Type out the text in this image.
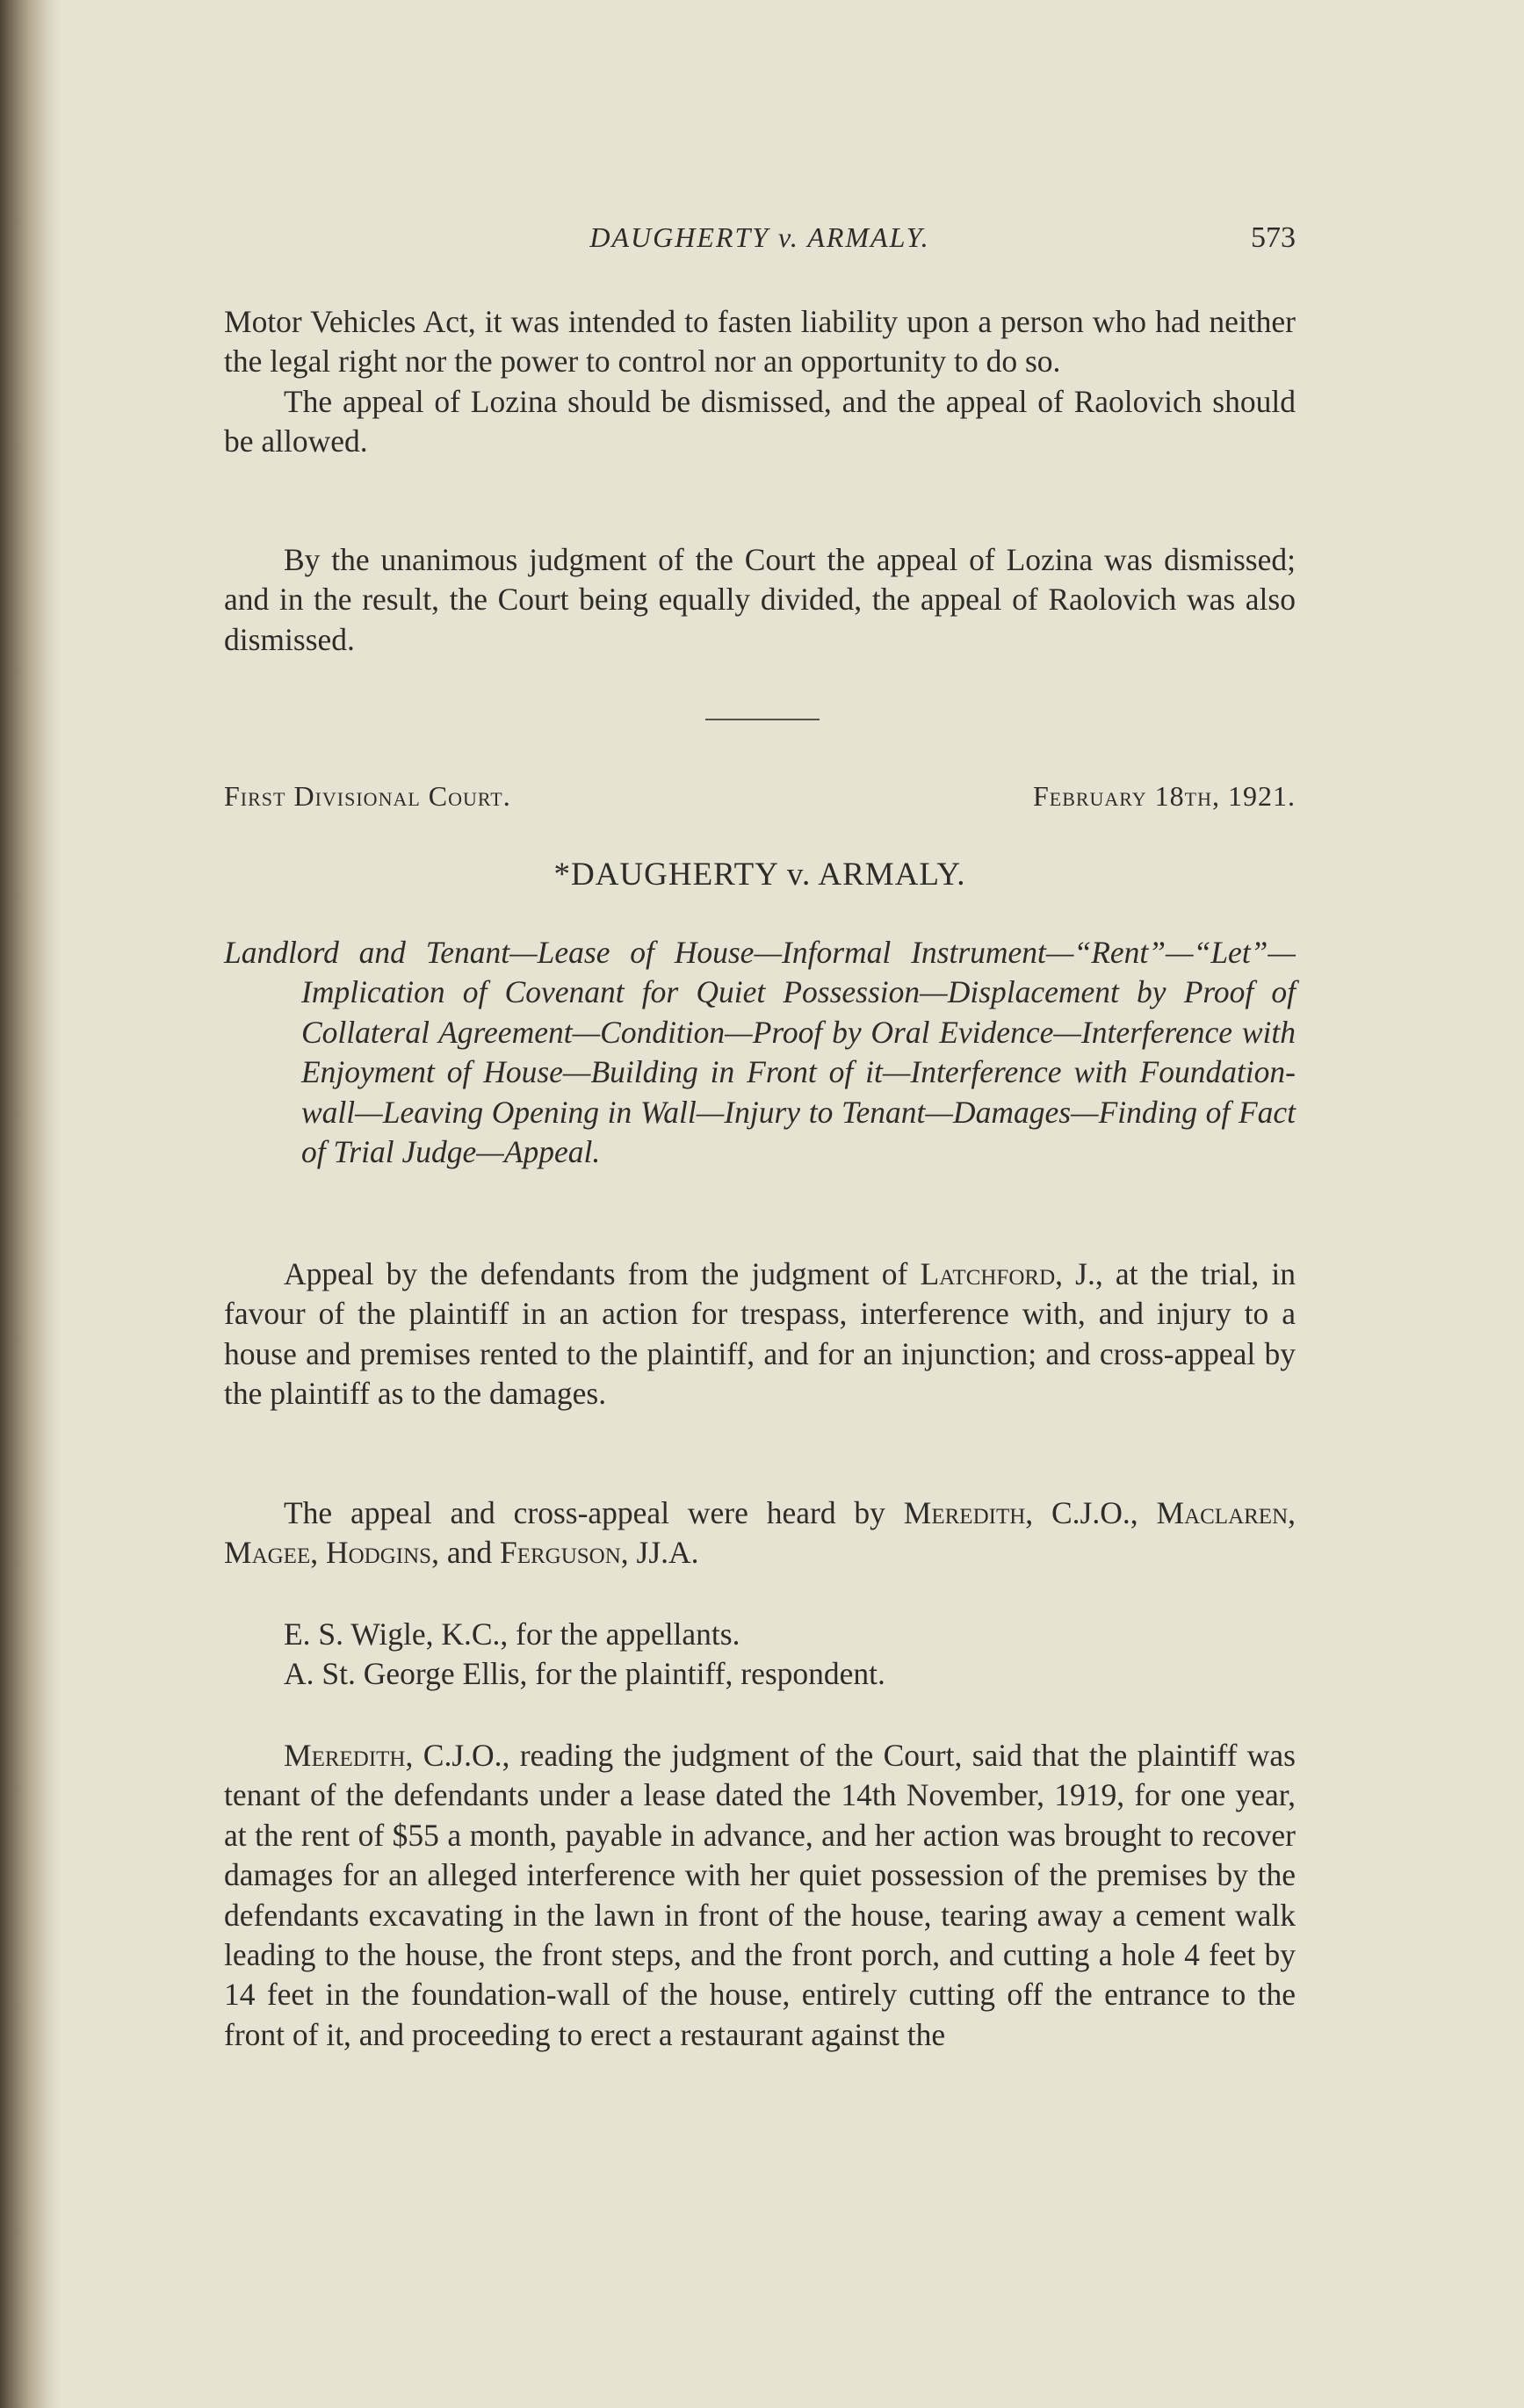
DAUGHERTY v. ARMALY.	573

Motor Vehicles Act, it was intended to fasten liability upon a person who had neither the legal right nor the power to control nor an opportunity to do so.

The appeal of Lozina should be dismissed, and the appeal of Raolovich should be allowed.

By the unanimous judgment of the Court the appeal of Lozina was dismissed; and in the result, the Court being equally divided, the appeal of Raolovich was also dismissed.

First Divisional Court.	February 18th, 1921.
*DAUGHERTY v. ARMALY.

Landlord and Tenant—Lease of House—Informal Instrument—“Rent”—“Let”—Implication of Covenant for Quiet Possession—Displacement by Proof of Collateral Agreement—Condition—Proof by Oral Evidence—Interference with Enjoyment of House—Building in Front of it—Interference with Foundation-wall—Leaving Opening in Wall—Injury to Tenant—Damages—Finding of Fact of Trial Judge—Appeal.

Appeal by the defendants from the judgment of Latchford, J., at the trial, in favour of the plaintiff in an action for trespass, interference with, and injury to a house and premises rented to the plaintiff, and for an injunction; and cross-appeal by the plaintiff as to the damages.

The appeal and cross-appeal were heard by Meredith, C.J.O., Maclaren, Magee, Hodgins, and Ferguson, JJ.A.

E. S. Wigle, K.C., for the appellants.

A. St. George Ellis, for the plaintiff, respondent.

Meredith, C.J.O., reading the judgment of the Court, said that the plaintiff was tenant of the defendants under a lease dated the 14th November, 1919, for one year, at the rent of $55 a month, payable in advance, and her action was brought to recover damages for an alleged interference with her quiet possession of the premises by the defendants excavating in the lawn in front of the house, tearing away a cement walk leading to the house, the front steps, and the front porch, and cutting a hole 4 feet by 14 feet in the foundation-wall of the house, entirely cutting off the entrance to the front of it, and proceeding to erect a restaurant against the
